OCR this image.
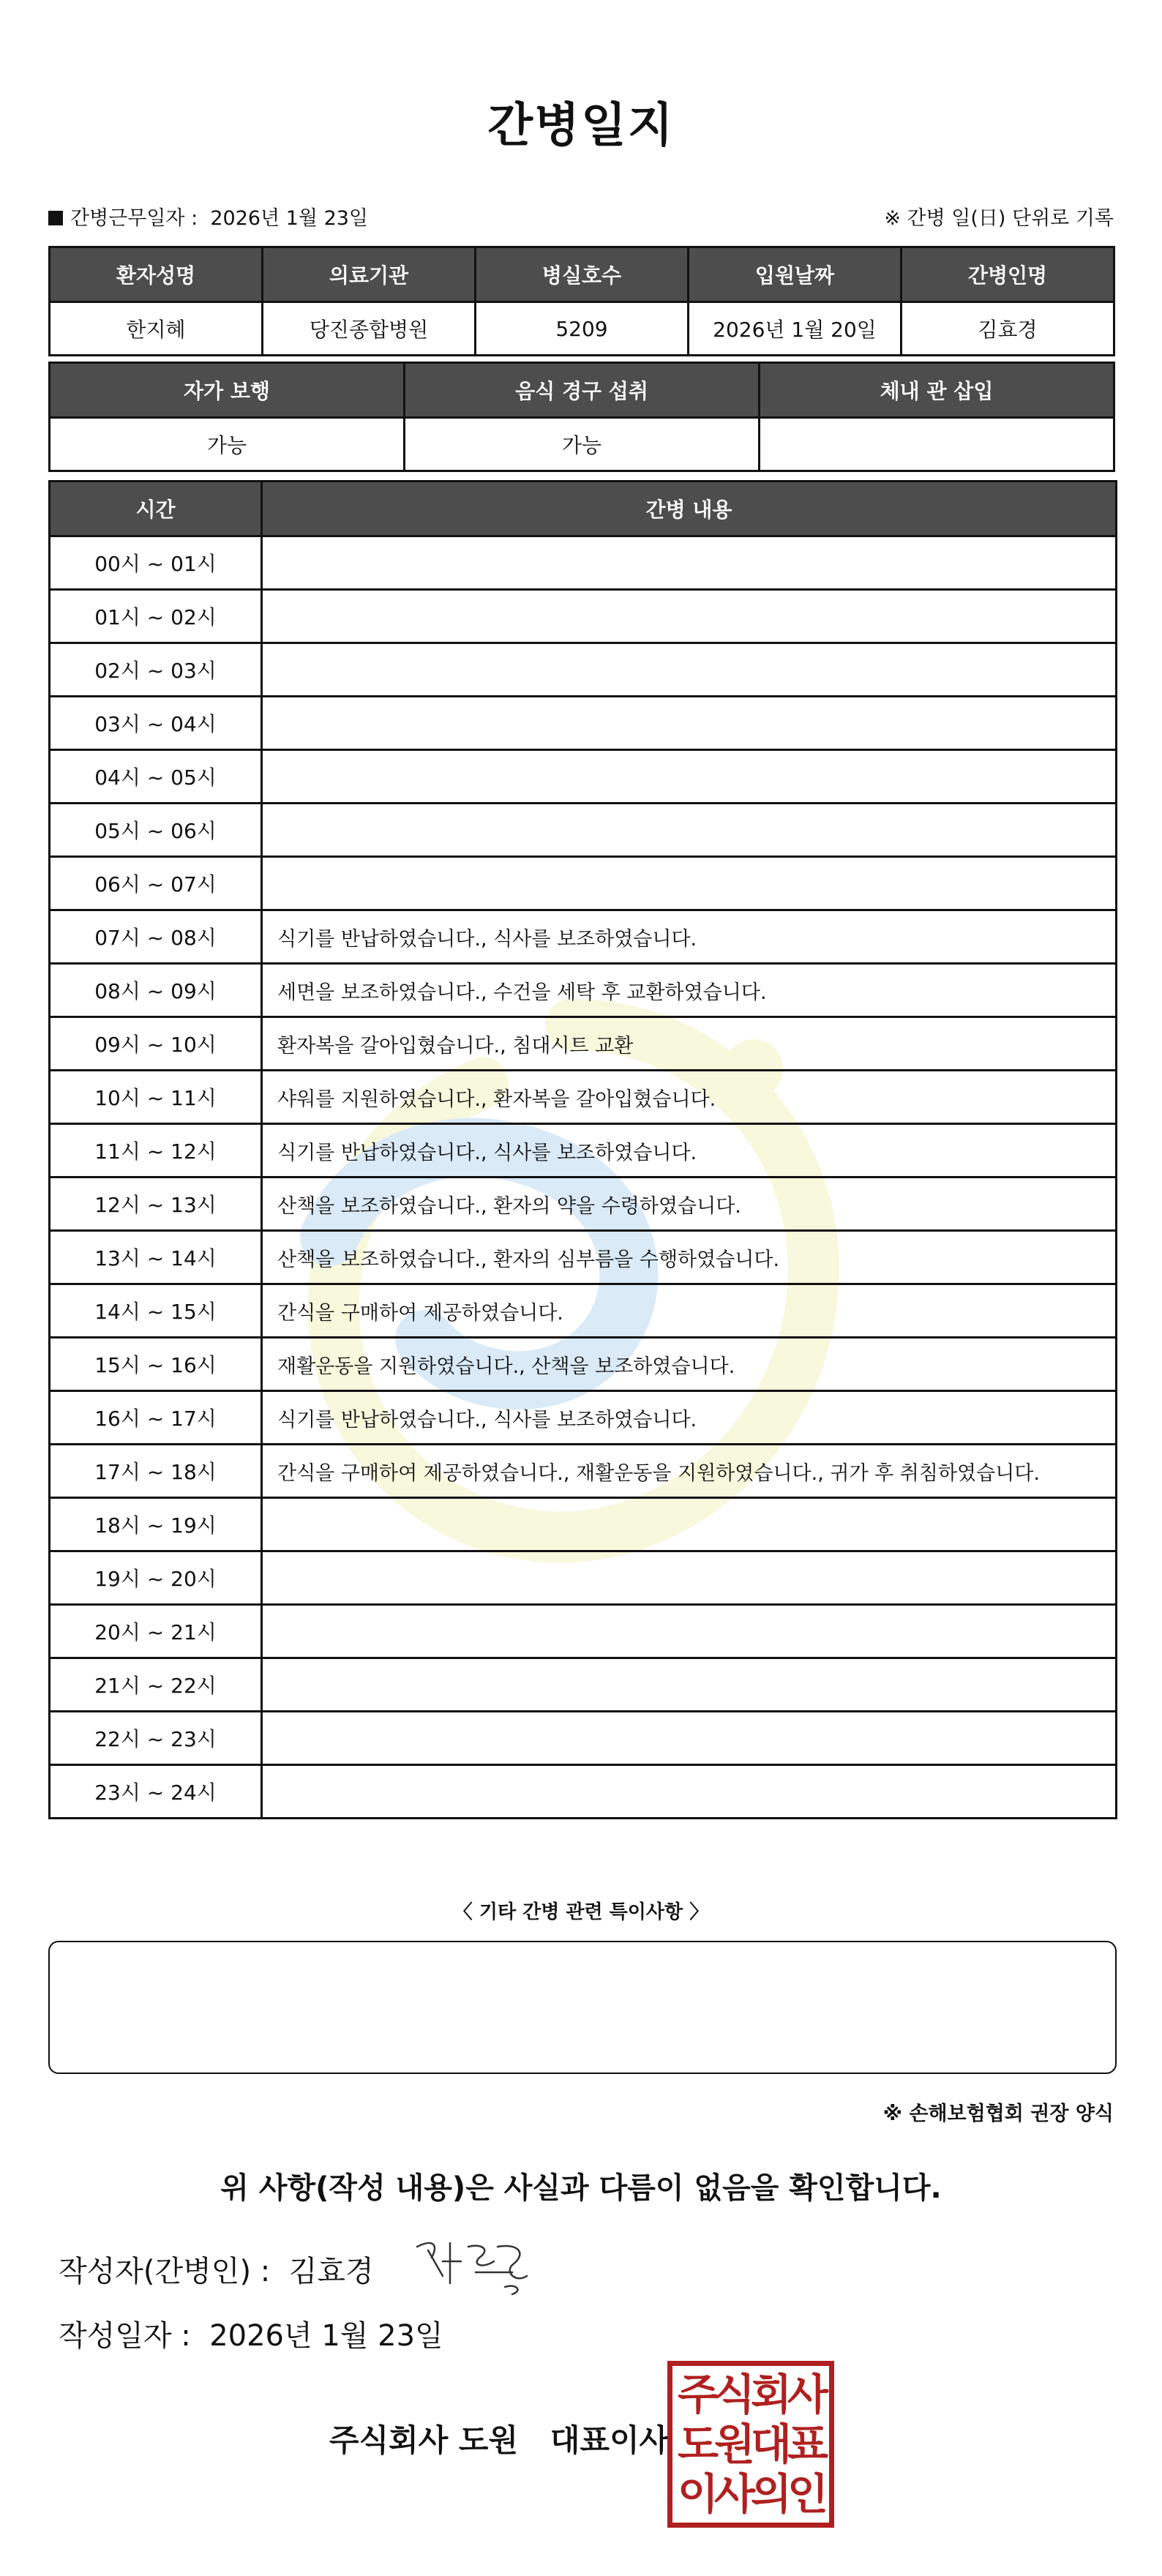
간병일지
간병근무일자 : 2026년 1월 23일	※ 간병 일(日) 단위로 기록
환자성명	의료기관	병실호수	입원날짜	간병인명
한지혜	당진종합병원	5209	2026년 1월 20일	김효경
자가 보행	음식 경구 섭취	체내 관 삽입
가능	가능	
시간	간병 내용
00시 ~ 01시	
01시 ~ 02시	
02시 ~ 03시	
03시 ~ 04시	
04시 ~ 05시	
05시 ~ 06시	
06시 ~ 07시	
07시 ~ 08시	식기를 반납하였습니다., 식사를 보조하였습니다.
08시 ~ 09시	세면을 보조하였습니다., 수건을 세탁 후 교환하였습니다.
09시 ~ 10시	환자복을 갈아입혔습니다., 침대시트 교환
10시 ~ 11시	샤워를 지원하였습니다., 환자복을 갈아입혔습니다.
11시 ~ 12시	식기를 반납하였습니다., 식사를 보조하였습니다.
12시 ~ 13시	산책을 보조하였습니다., 환자의 약을 수령하였습니다.
13시 ~ 14시	산책을 보조하였습니다., 환자의 심부름을 수행하였습니다.
14시 ~ 15시	간식을 구매하여 제공하였습니다.
15시 ~ 16시	재활운동을 지원하였습니다., 산책을 보조하였습니다.
16시 ~ 17시	식기를 반납하였습니다., 식사를 보조하였습니다.
17시 ~ 18시	간식을 구매하여 제공하였습니다., 재활운동을 지원하였습니다., 귀가 후 취침하였습니다.
18시 ~ 19시	
19시 ~ 20시	
20시 ~ 21시	
21시 ~ 22시	
22시 ~ 23시	
23시 ~ 24시	
〈 기타 간병 관련 특이사항 〉
※ 손해보험협회 권장 양식
위 사항(작성 내용)은 사실과 다름이 없음을 확인합니다.
작성자(간병인) : 김효경
작성일자 : 2026년 1월 23일
주식회사 도원   대표이사
주식회사
도원대표
이사의인
